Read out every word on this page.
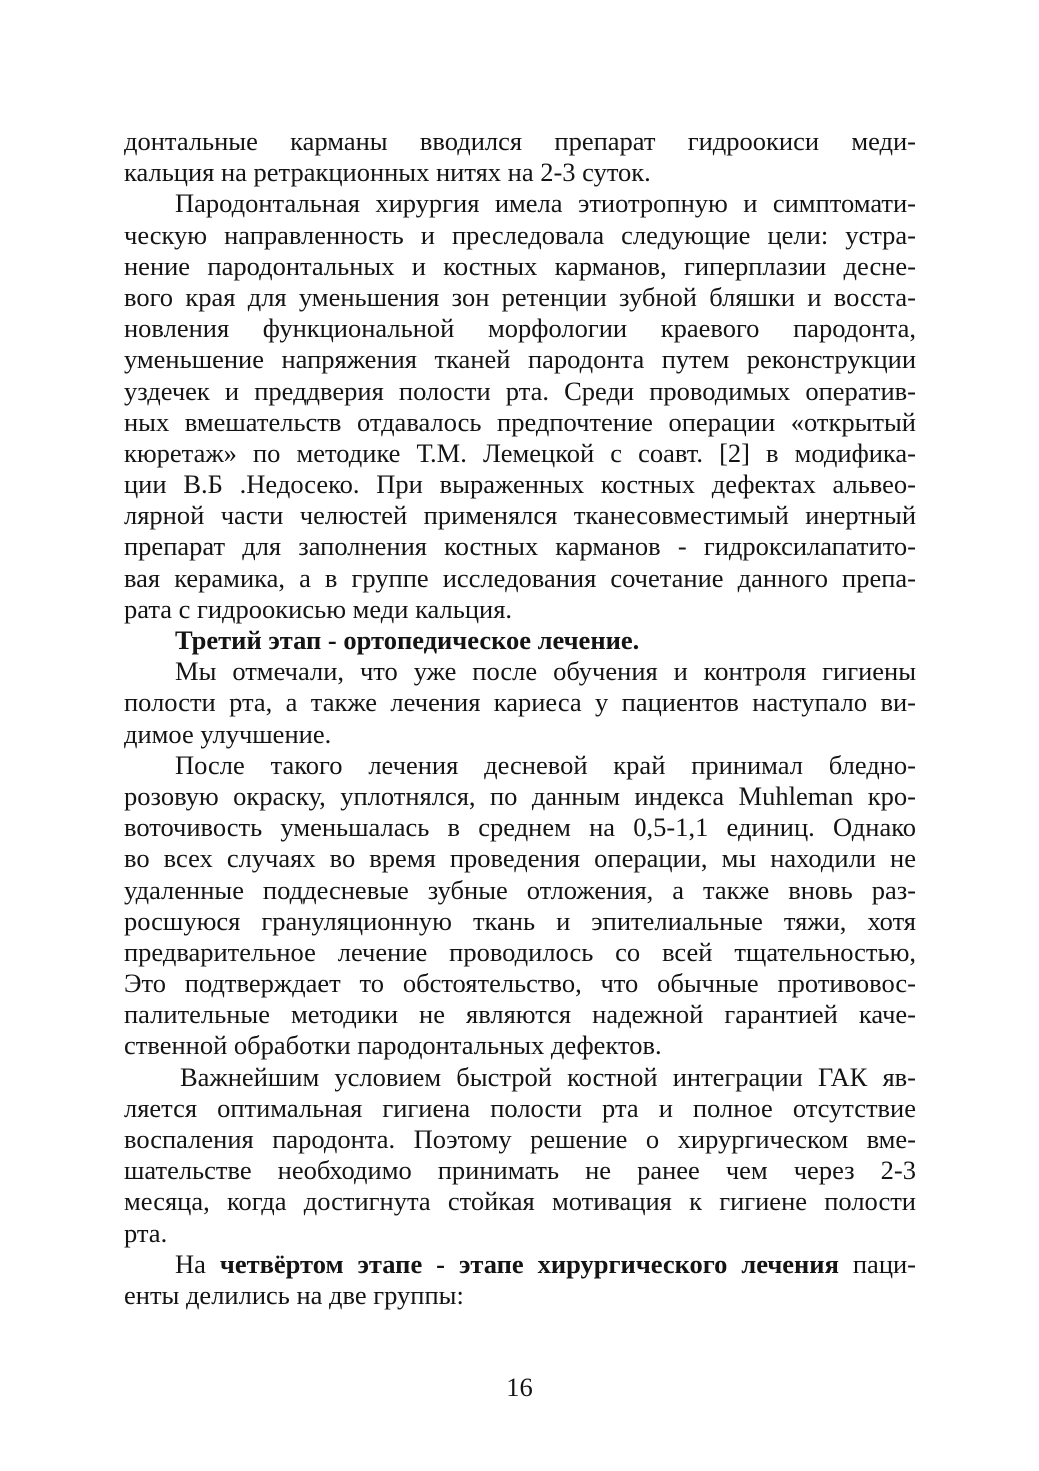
донтальные карманы вводился препарат гидроокиси меди-
кальция на ретракционных нитях на 2-3 суток.
Пародонтальная хирургия имела этиотропную и симптомати-
ческую направленность и преследовала следующие цели: устра-
нение пародонтальных и костных карманов, гиперплазии десне-
вого края для уменьшения зон ретенции зубной бляшки и восста-
новления функциональной морфологии краевого пародонта,
уменьшение напряжения тканей пародонта путем реконструкции
уздечек и преддверия полости рта. Среди проводимых оператив-
ных вмешательств отдавалось предпочтение операции «открытый
кюретаж» по методике Т.М. Лемецкой с соавт. [2] в модифика-
ции В.Б .Недосеко. При выраженных костных дефектах альвео-
лярной части челюстей применялся тканесовместимый инертный
препарат для заполнения костных карманов - гидроксилапатито-
вая керамика, а в группе исследования сочетание данного препа-
рата с гидроокисью меди кальция.
Третий этап - ортопедическое лечение.
Мы отмечали, что уже после обучения и контроля гигиены
полости рта, а также лечения кариеса у пациентов наступало ви-
димое улучшение.
После такого лечения десневой край принимал бледно-
розовую окраску, уплотнялся, по данным индекса Muhleman кро-
воточивость уменьшалась в среднем на 0,5-1,1 единиц. Однако
во всех случаях во время проведения операции, мы находили не
удаленные поддесневые зубные отложения, а также вновь раз-
росшуюся грануляционную ткань и эпителиальные тяжи, хотя
предварительное лечение проводилось со всей тщательностью,
Это подтверждает то обстоятельство, что обычные противовос-
палительные методики не являются надежной гарантией каче-
ственной обработки пародонтальных дефектов.
Важнейшим условием быстрой костной интеграции ГАК яв-
ляется оптимальная гигиена полости рта и полное отсутствие
воспаления пародонта. Поэтому решение о хирургическом вме-
шательстве необходимо принимать не ранее чем через 2-3
месяца, когда достигнута стойкая мотивация к гигиене полости
рта.
На четвёртом этапе - этапе хирургического лечения паци-
енты делились на две группы:
16
